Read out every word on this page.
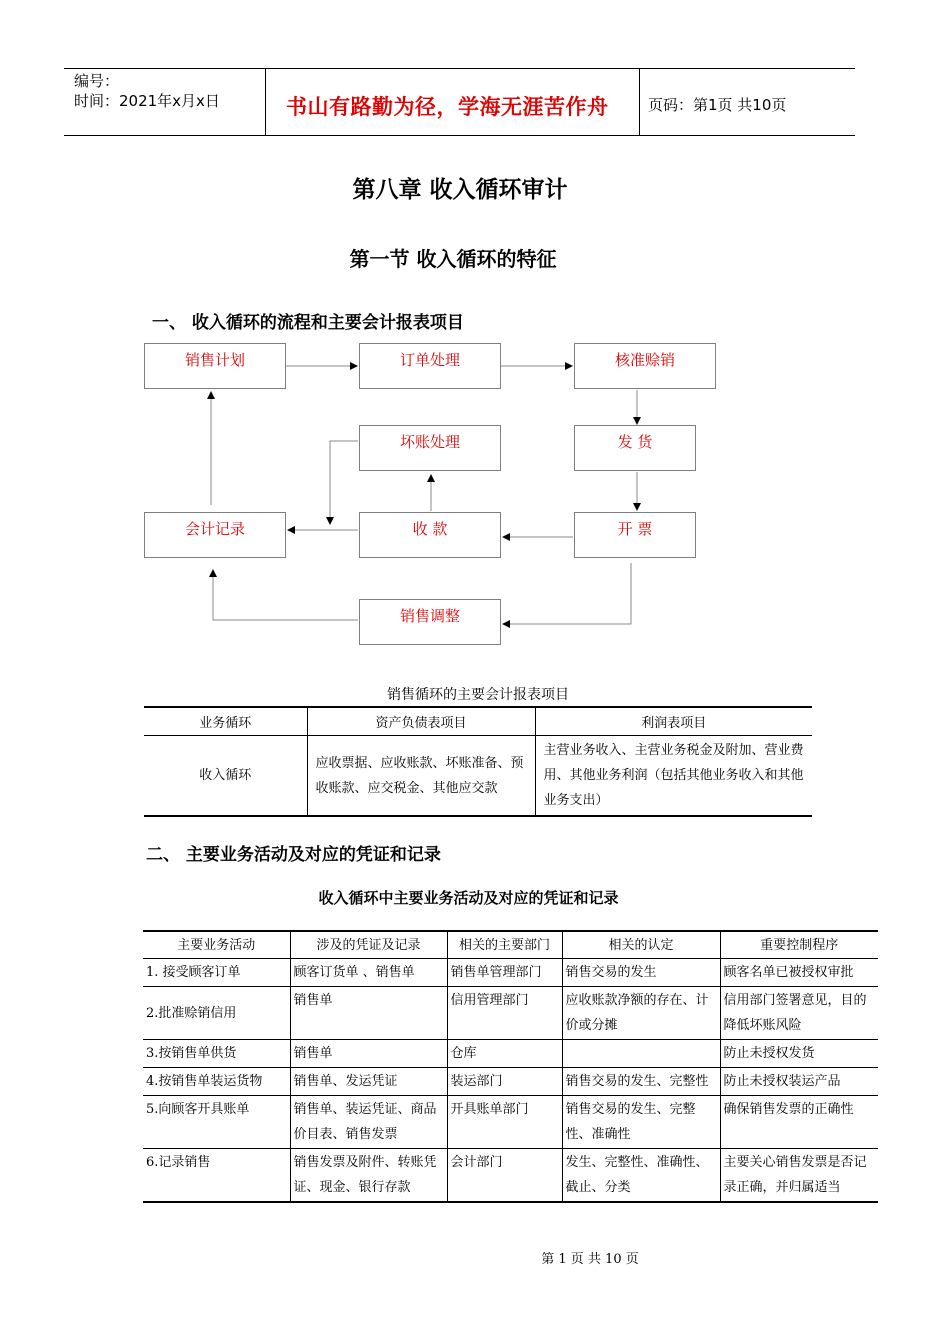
编号：
时间：2021年x月x日	书山有路勤为径，学海无涯苦作舟	页码：第1页 共10页
第八章 收入循环审计
第一节 收入循环的特征
一、 收入循环的流程和主要会计报表项目
销售计划	订单处理	核准赊销
坏账处理	发 货
会计记录	收 款	开 票
销售调整
销售循环的主要会计报表项目
业务循环	资产负债表项目	利润表项目
收入循环	应收票据、应收账款、坏账准备、预收账款、应交税金、其他应交款	主营业务收入、主营业务税金及附加、营业费用、其他业务利润（包括其他业务收入和其他业务支出）
二、 主要业务活动及对应的凭证和记录
收入循环中主要业务活动及对应的凭证和记录
主要业务活动	涉及的凭证及记录	相关的主要部门	相关的认定	重要控制程序
1. 接受顾客订单	顾客订货单 、销售单	销售单管理部门	销售交易的发生	顾客名单已被授权审批
2.批准赊销信用	销售单	信用管理部门	应收账款净额的存在、计价或分摊	信用部门签署意见，目的降低坏账风险
3.按销售单供货	销售单	仓库		防止未授权发货
4.按销售单装运货物	销售单、发运凭证	装运部门	销售交易的发生、完整性	防止未授权装运产品
5.向顾客开具账单	销售单、装运凭证、商品价目表、销售发票	开具账单部门	销售交易的发生、完整性、准确性	确保销售发票的正确性
6.记录销售	销售发票及附件、转账凭证、现金、银行存款	会计部门	发生、完整性、准确性、截止、分类	主要关心销售发票是否记录正确，并归属适当
第 1 页 共 10 页
